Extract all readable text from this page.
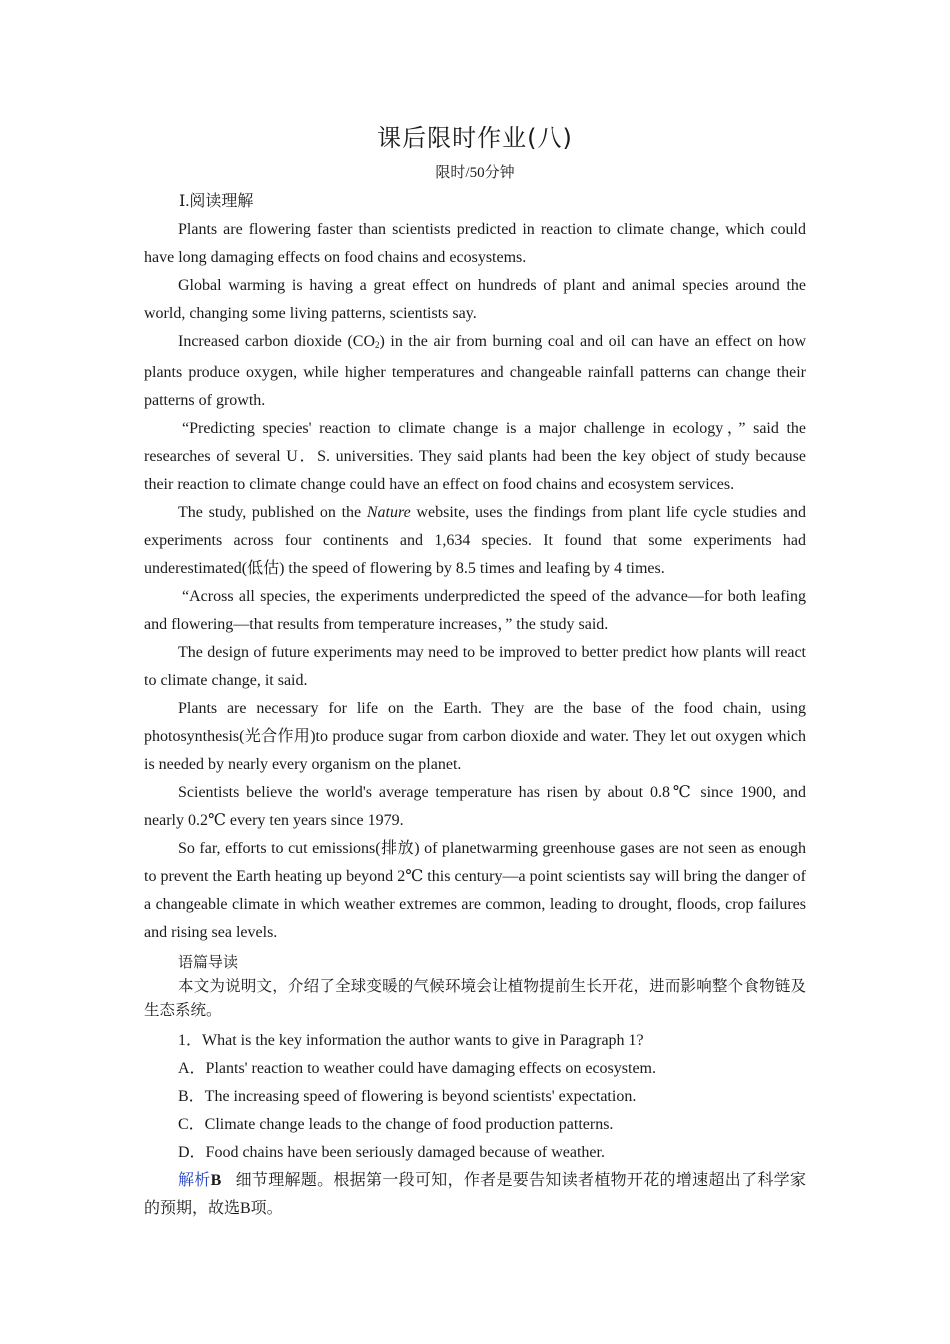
课后限时作业(八)
限时/50分钟
Ⅰ.阅读理解

Plants are flowering faster than scientists predicted in reaction to climate change, which could have long damaging effects on food chains and ecosystems.

Global warming is having a great effect on hundreds of plant and animal species around the world, changing some living patterns, scientists say.

Increased carbon dioxide $(CO_2)$ in the air from burning coal and oil can have an effect on how plants produce oxygen, while higher temperatures and changeable rainfall patterns can change their patterns of growth.

“Predicting species' reaction to climate change is a major challenge in ecology，” said the researches of several U．S. universities. They said plants had been the key object of study because their reaction to climate change could have an effect on food chains and ecosystem services.

The study, published on the Nature website, uses the findings from plant life cycle studies and experiments across four continents and 1,634 species. It found that some experiments had underestimated(低估) the speed of flowering by 8.5 times and leafing by 4 times.

“Across all species, the experiments underpredicted the speed of the advance—for both leafing and flowering—that results from temperature increases，” the study said.

The design of future experiments may need to be improved to better predict how plants will react to climate change, it said.

Plants are necessary for life on the Earth. They are the base of the food chain, using photosynthesis(光合作用)to produce sugar from carbon dioxide and water. They let out oxygen which is needed by nearly every organism on the planet.

Scientists believe the world's average temperature has risen by about 0.8℃ since 1900, and nearly 0.2℃ every ten years since 1979.

So far, efforts to cut emissions(排放) of planetwarming greenhouse gases are not seen as enough to prevent the Earth heating up beyond 2℃ this century—a point scientists say will bring the danger of a changeable climate in which weather extremes are common, leading to drought, floods, crop failures and rising sea levels.

语篇导读
本文为说明文，介绍了全球变暖的气候环境会让植物提前生长开花，进而影响整个食物链及生态系统。

1．What is the key information the author wants to give in Paragraph 1?

A．Plants' reaction to weather could have damaging effects on ecosystem.

B．The increasing speed of flowering is beyond scientists' expectation.

C．Climate change leads to the change of food production patterns.

D．Food chains have been seriously damaged because of weather.

解析B 细节理解题。根据第一段可知，作者是要告知读者植物开花的增速超出了科学家的预期，故选B项。
